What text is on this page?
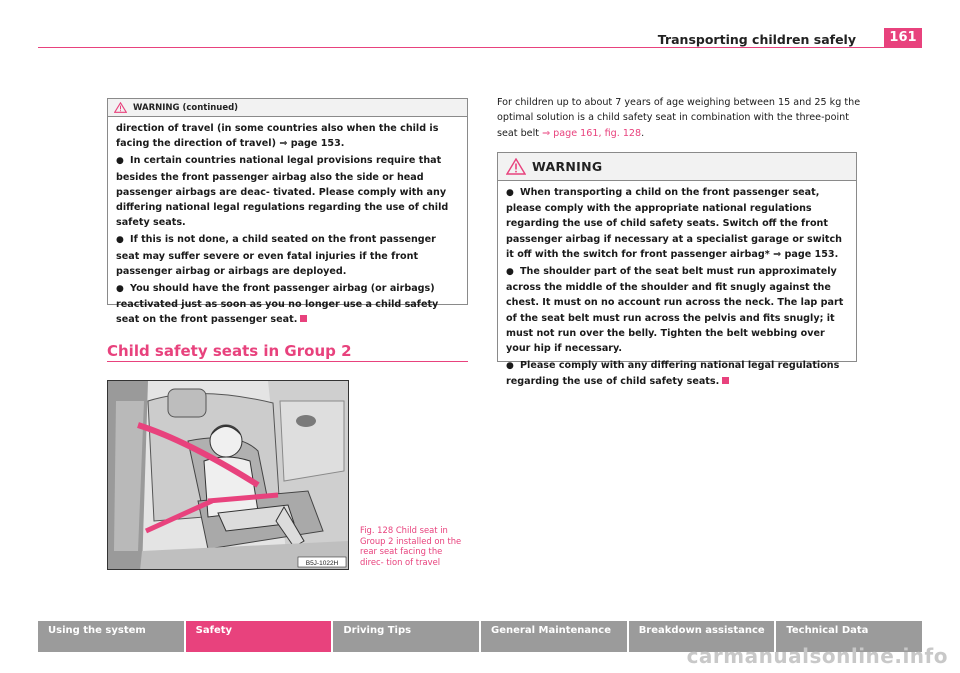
Transporting children safely	161
WARNING (continued)

direction of travel (in some countries also when the child is facing the direction of travel) ⇒ page 153.

● In certain countries national legal provisions require that besides the front passenger airbag also the side or head passenger airbags are deac- tivated. Please comply with any differing national legal regulations regarding the use of child safety seats.

● If this is not done, a child seated on the front passenger seat may suffer severe or even fatal injuries if the front passenger airbag or airbags are deployed.

● You should have the front passenger airbag (or airbags) reactivated just as soon as you no longer use a child safety seat on the front passenger seat.

Child safety seats in Group 2
B5J-1022H
Fig. 128 Child seat in Group 2 installed on the rear seat facing the direc- tion of travel
For children up to about 7 years of age weighing between 15 and 25 kg the optimal solution is a child safety seat in combination with the three-point seat belt ⇒ page 161, fig. 128.
WARNING

● When transporting a child on the front passenger seat, please comply with the appropriate national regulations regarding the use of child safety seats. Switch off the front passenger airbag if necessary at a specialist garage or switch it off with the switch for front passenger airbag* ⇒ page 153.

● The shoulder part of the seat belt must run approximately across the middle of the shoulder and fit snugly against the chest. It must on no account run across the neck. The lap part of the seat belt must run across the pelvis and fits snugly; it must not run over the belly. Tighten the belt webbing over your hip if necessary.

● Please comply with any differing national legal regulations regarding the use of child safety seats.

Using the system	Safety	Driving Tips	General Maintenance	Breakdown assistance	Technical Data
carmanualsonline.info
